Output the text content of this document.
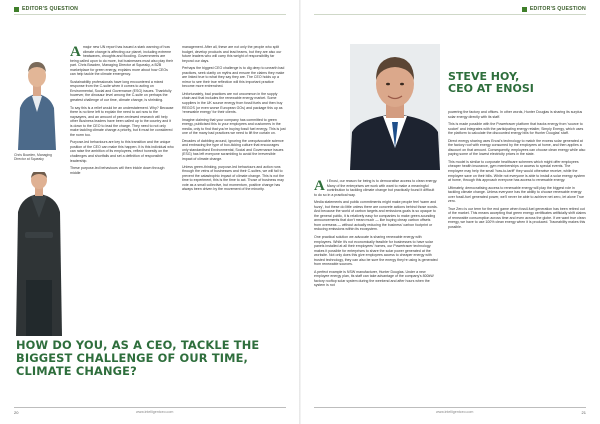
EDITOR'S QUESTION
Chris Bowden, Managing
Director at Squeaky

Amajor new UN report has issued a stark warning of how climate change is affecting our planet, including extreme heatwaves, droughts and flooding. Governments are being called upon to do more, but businesses must also play their part. Chris Bowden, Managing Director at Squeaky, a B2B marketplace for green energy, explains more about how CEOs can help tackle the climate emergency.

Sustainability professionals have long encountered a mixed response from the C-suite when it comes to acting on Environmental, Social and Governance (ESG) issues. Thankfully however, the dinosaur level among the C-suite on perhaps the greatest challenge of our time, climate change, is shrinking.

To say this is a relief would be an understatement. Why? Because there is no time left to explain the need to act now to the naysayers, and an amount of peer-reviewed research will help other Business leaders have been called up to the country and it is down to the CEO to lead the charge. They need to not only make tackling climate change a priority, but it must be considered the norm too.

Purpose-led behaviours are key to this transition and the unique position of the CEO can make this happen. It is this individual who can raise the ambition of its employees, reflect honestly on the challenges and shortfalls and set a definition of responsible leadership.

These purpose-led behaviours will then trickle down through middle

management. After all, these are not only the people who split budget, develop products and lead teams, but they are also our future leaders who will carry this weight of responsibility far beyond our days.

Perhaps the biggest CEO challenge is to dig deep to unearth bad practices, seek clarity on myths and ensure the claims they make are linked true to what they say they are. The CEO holds up a mirror to see their true reflection will this important practice become more entrenched.

Unfortunately, bad practices are not uncommon in the supply chain and that includes the renewable energy market. Some suppliers in the UK source energy from fossil fuels and then buy REGOS (or even worse European GOs) and package this up as 'renewable energy' for their clients.

Imagine claiming that your company has committed to green energy, publicised this to your employees and customers in the media, only to find that you're buying fossil fuel energy. This is just one of the many bad practices we need to lift the curtain on.

Decades of dabbling around, ignoring the unequivocable science and embracing the type of box-ticking culture that encourages only standardised Environmental, Social and Governance issues (ESG) has left everyone scrambling to avoid the irreversible impact of climate change.

Unless green-thinking, purpose-led behaviours and action runs through the veins of businesses and their C-suites, we will fail to prevent the catastrophic impact of climate change. This is not the time to experiment, this is the time to act. Those of business may vote as a small collective, but momentum, positive change has always been driven by the movement of the minority.

HOW DO YOU, AS A CEO, TACKLE THE BIGGEST CHALLENGE OF OUR TIME, CLIMATE CHANGE?
20	www.intelligentceo.com
EDITOR'S QUESTION
STEVE HOY,
CEO AT ENOSI

At Enosi, our reason for being is to democratise access to clean energy. Many of the enterprises we work with want to make a meaningful contribution to tackling climate change but practically found it difficult to do so in a practical way.

Media statements and public commitments might make people feel 'warm and fuzzy', but these do little unless there are concrete actions behind those words. And because the world of carbon targets and emissions goals is so opaque to the general public, it is relatively easy for companies to make green-sounding announcements that don't mean much — like buying cheap carbon offsets from overseas — without actually reducing the business' carbon footprint or reducing emissions within its ecosystem.

One practical solution we advocate is sharing renewable energy with employees. While it's not economically feasible for businesses to have solar panels installed at all their employees' homes, our Powertracer technology makes it possible for enterprises to share the solar power generated at the worksite. Not only does this give employees access to cheaper energy with trusted technology, they can also be sure the energy they're using is generated from renewable sources.

A perfect example is NSW manufacturer, Hunter Douglas. Under a new employee energy plan, its staff can take advantage of the company's 800kW factory rooftop solar system during the weekend and after hours when the system is not

powering the factory and offices. In other words, Hunter Douglas is sharing its surplus solar energy directly with its staff.

This is made possible with the Powertracer platform that tracks energy from 'source to socket' and integrates with the participating energy retailer, Simply Energy, which uses the platform to calculate the discounted energy bills for Hunter Douglas' staff.

Direct energy sharing uses Enosi's technology to match the excess solar generated at the factory roof with energy consumed by the employees at home, and then applies a discount on that amount. Consequently, employees can choose clean energy while also paying some of the lowest electricity prices in the state.

This model is similar to corporate healthcare schemes which might offer employees cheaper health insurance, gym memberships or access to special events. The employee may help the small 'how-to-tariff' they would otherwise receive, while the employee save on their bills. While not everyone is able to install a solar energy system at home, through this approach everyone has access to renewable energy.

Ultimately, democratising access to renewable energy will play the biggest role in tackling climate change. Unless everyone has the ability to choose renewable energy over fossil-fuel generated power, we'll never be able to achieve net zero, let alone True zero.

True Zero is our term for the end game when fossil-fuel generation has been retired out of the market. This means accepting that green energy certificates artificially shift claims of renewable consumption across time and even across the globe. If we want true clean energy, we have to use 100% clean energy when it is produced. Traceability makes this possible.

www.intelligentceo.com	21
